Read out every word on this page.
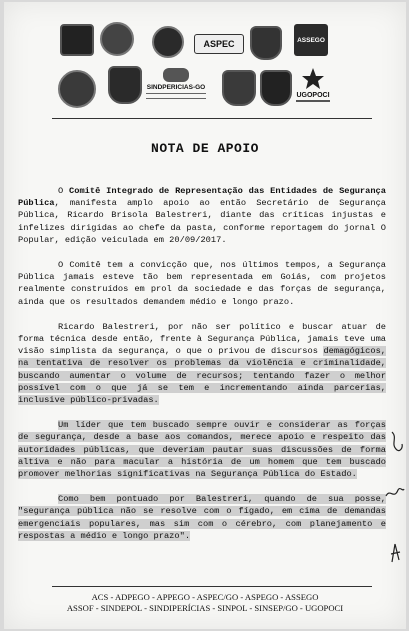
ASPEC	ASSEGO
SINDPERICIAS-GO
UGOPOCI
NOTA DE APOIO

O Comitê Integrado de Representação das Entidades de Segurança Pública, manifesta amplo apoio ao então Secretário de Segurança Pública, Ricardo Brisola Balestreri, diante das críticas injustas e infelizes dirigidas ao chefe da pasta, conforme reportagem do jornal O Popular, edição veiculada em 20/09/2017.

O Comitê tem a convicção que, nos últimos tempos, a Segurança Pública jamais esteve tão bem representada em Goiás, com projetos realmente construídos em prol da sociedade e das forças de segurança, ainda que os resultados demandem médio e longo prazo.

Ricardo Balestreri, por não ser político e buscar atuar de forma técnica desde então, frente à Segurança Pública, jamais teve uma visão simplista da segurança, o que o privou de discursos demagógicos, na tentativa de resolver os problemas da violência e criminalidade, buscando aumentar o volume de recursos; tentando fazer o melhor possível com o que já se tem e incrementando ainda parcerias, inclusive público-privadas.

Um líder que tem buscado sempre ouvir e considerar as forças de segurança, desde a base aos comandos, merece apoio e respeito das autoridades públicas, que deveriam pautar suas discussões de forma altiva e não para macular a história de um homem que tem buscado promover melhorias significativas na Segurança Pública do Estado.

Como bem pontuado por Balestreri, quando de sua posse, "segurança pública não se resolve com o fígado, em cima de demandas emergenciais populares, mas sim com o cérebro, com planejamento e respostas a médio e longo prazo".

ACS - ADPEGO - APPEGO - ASPEC/GO - ASPEGO - ASSEGO
ASSOF - SINDEPOL - SINDIPERÍCIAS - SINPOL - SINSEP/GO - UGOPOCI
